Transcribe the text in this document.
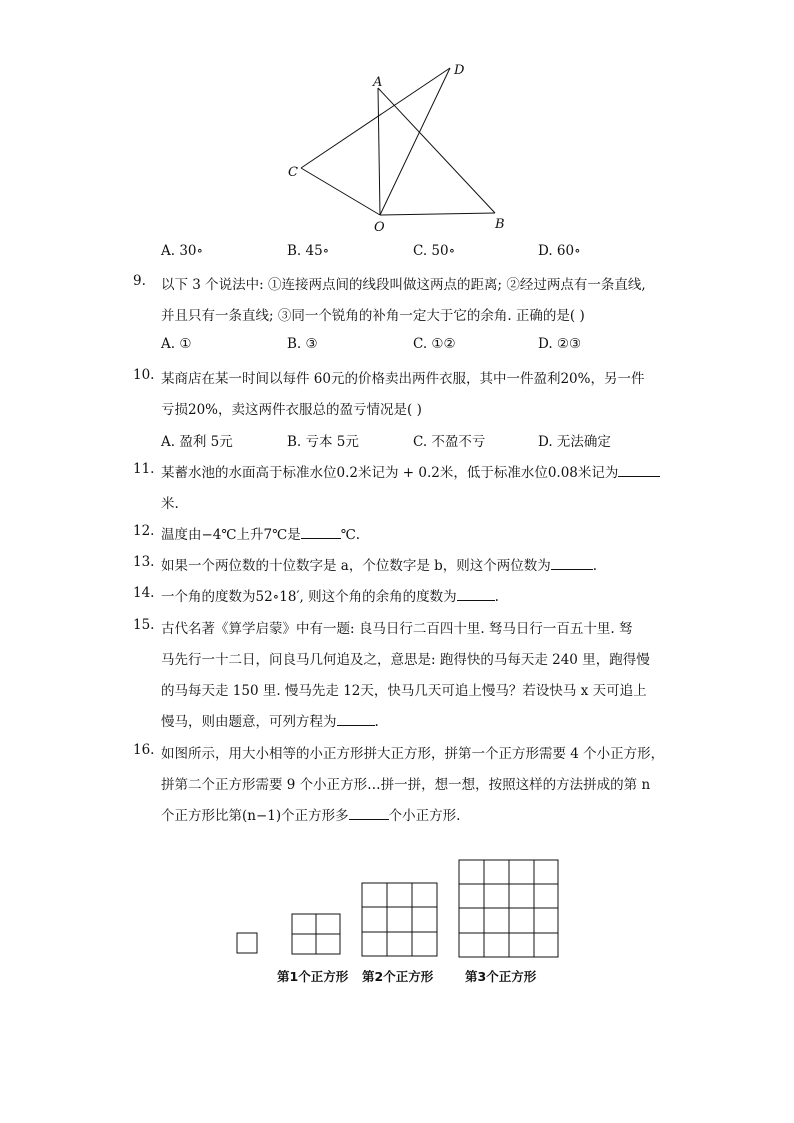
A
D
C
O	B
A. 30∘	B. 45∘	C. 50∘	D. 60∘
9. 以下 3 个说法中: ①连接两点间的线段叫做这两点的距离; ②经过两点有一条直线,
并且只有一条直线; ③同一个锐角的补角一定大于它的余角. 正确的是( )
A. ①	B. ③	C. ①②	D. ②③
10. 某商店在某一时间以每件 60元的价格卖出两件衣服，其中一件盈利20%，另一件
亏损20%，卖这两件衣服总的盈亏情况是( )
A. 盈利 5元	B. 亏本 5元	C. 不盈不亏	D. 无法确定
11. 某蓄水池的水面高于标准水位0.2米记为 + 0.2米，低于标准水位0.08米记为
米.
12. 温度由−4℃上升7℃是	℃.
13. 如果一个两位数的十位数字是 a，个位数字是 b，则这个两位数为	.
14. 一个角的度数为52∘18′, 则这个角的余角的度数为	.
15. 古代名著《算学启蒙》中有一题: 良马日行二百四十里. 驽马日行一百五十里. 驽
马先行一十二日，问良马几何追及之，意思是: 跑得快的马每天走 240 里，跑得慢
的马每天走 150 里. 慢马先走 12天，快马几天可追上慢马？若设快马 x 天可追上
慢马，则由题意，可列方程为	.
16. 如图所示，用大小相等的小正方形拼大正方形，拼第一个正方形需要 4 个小正方形，
拼第二个正方形需要 9 个小正方形…拼一拼，想一想，按照这样的方法拼成的第 n
个正方形比第(n−1)个正方形多	个小正方形.
第1个正方形 第2个正方形	第3个正方形
